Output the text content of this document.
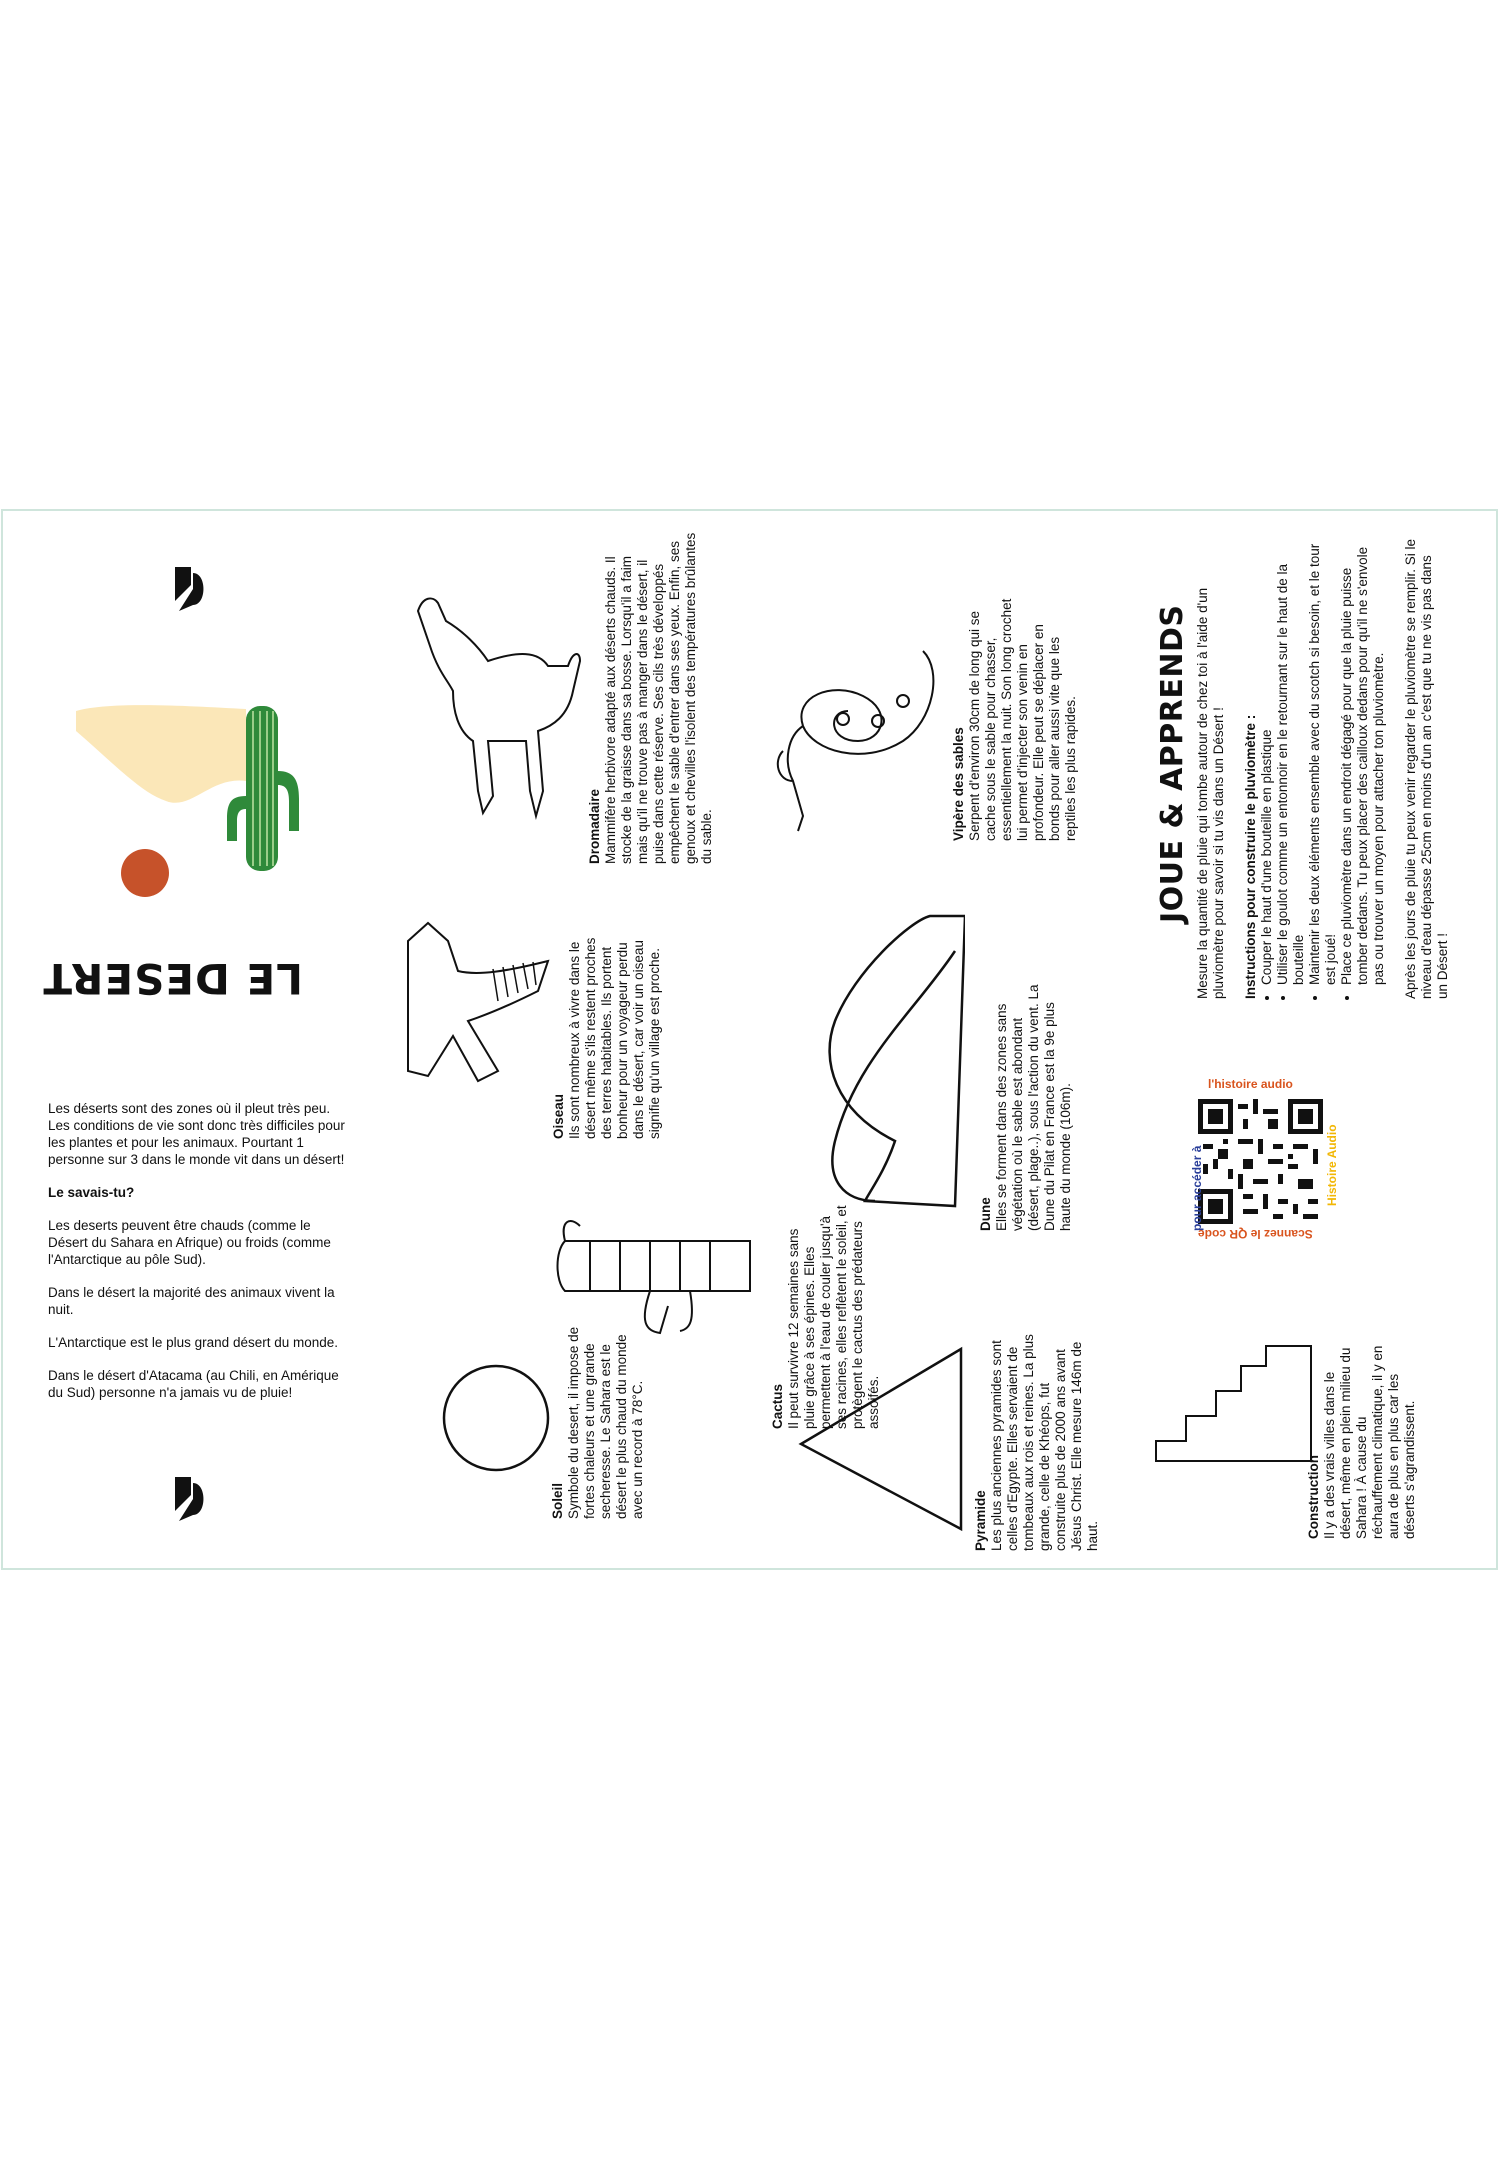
LE DESERT

Les déserts sont des zones où il pleut très peu. Les conditions de vie sont donc très difficiles pour les plantes et pour les animaux. Pourtant 1 personne sur 3 dans le monde vit dans un désert!

Le savais-tu?

Les deserts peuvent être chauds (comme le Désert du Sahara en Afrique) ou froids (comme l'Antarctique au pôle Sud).

Dans le désert la majorité des animaux vivent la nuit.

L'Antarctique est le plus grand désert du monde.

Dans le désert d'Atacama (au Chili, en Amérique du Sud) personne n'a jamais vu de pluie!

Dromadaire Mammifère herbivore adapté aux déserts chauds. Il stocke de la graisse dans sa bosse. Lorsqu'il a faim mais qu'il ne trouve pas à manger dans le désert, il puise dans cette réserve. Ses cils très développés empêchent le sable d'entrer dans ses yeux. Enfin, ses genoux et chevilles l'isolent des températures brûlantes du sable.
Oiseau Ils sont nombreux à vivre dans le désert même s'ils restent proches des terres habitables. Ils portent bonheur pour un voyageur perdu dans le désert, car voir un oiseau signifie qu'un village est proche.
Cactus Il peut survivre 12 semaines sans pluie grâce à ses épines. Elles permettent à l'eau de couler jusqu'à ses racines, elles reflètent le soleil, et protègent le cactus des prédateurs assoifés.
Soleil Symbole du desert, il impose de fortes chaleurs et une grande secheresse. Le Sahara est le désert le plus chaud du monde avec un record à 78°C.
Vipère des sables Serpent d'environ 30cm de long qui se cache sous le sable pour chasser, essentiellement la nuit. Son long crochet lui permet d'injecter son venin en profondeur. Elle peut se déplacer en bonds pour aller aussi vite que les reptiles les plus rapides.
Dune Elles se forment dans des zones sans végétation où le sable est abondant (désert, plage..), sous l'action du vent. La Dune du Pilat en France est la 9e plus haute du monde (106m).
Pyramide Les plus anciennes pyramides sont celles d'Egypte. Elles servaient de tombeaux aux rois et reines. La plus grande, celle de Khéops, fut construite plus de 2000 ans avant Jésus Christ. Elle mesure 146m de haut.
l'histoire audio
pour accéder à
Scannez le QR code
Histoire Audio
Construction Il y a des vrais villes dans le désert, même en plein milieu du Sahara ! À cause du réchauffement climatique, il y en aura de plus en plus car les déserts s'agrandissent.
JOUE & APPRENDS Mesure la quantité de pluie qui tombe autour de chez toi à l'aide d'un pluviomètre pour savoir si tu vis dans un Désert ! Instructions pour construire le pluviomètre : • Couper le haut d'une bouteille en plastique • Utiliser le goulot comme un entonnoir en le retournant sur le haut de la bouteille • Maintenir les deux éléments ensemble avec du scotch si besoin, et le tour est joué! • Place ce pluviomètre dans un endroit dégagé pour que la pluie puisse tomber dedans. Tu peux placer des cailloux dedans pour qu'il ne s'envole pas ou trouver un moyen pour attacher ton pluviomètre. Après les jours de pluie tu peux venir regarder le pluviomètre se remplir. Si le niveau d'eau dépasse 25cm en moins d'un an c'est que tu ne vis pas dans un Désert !
